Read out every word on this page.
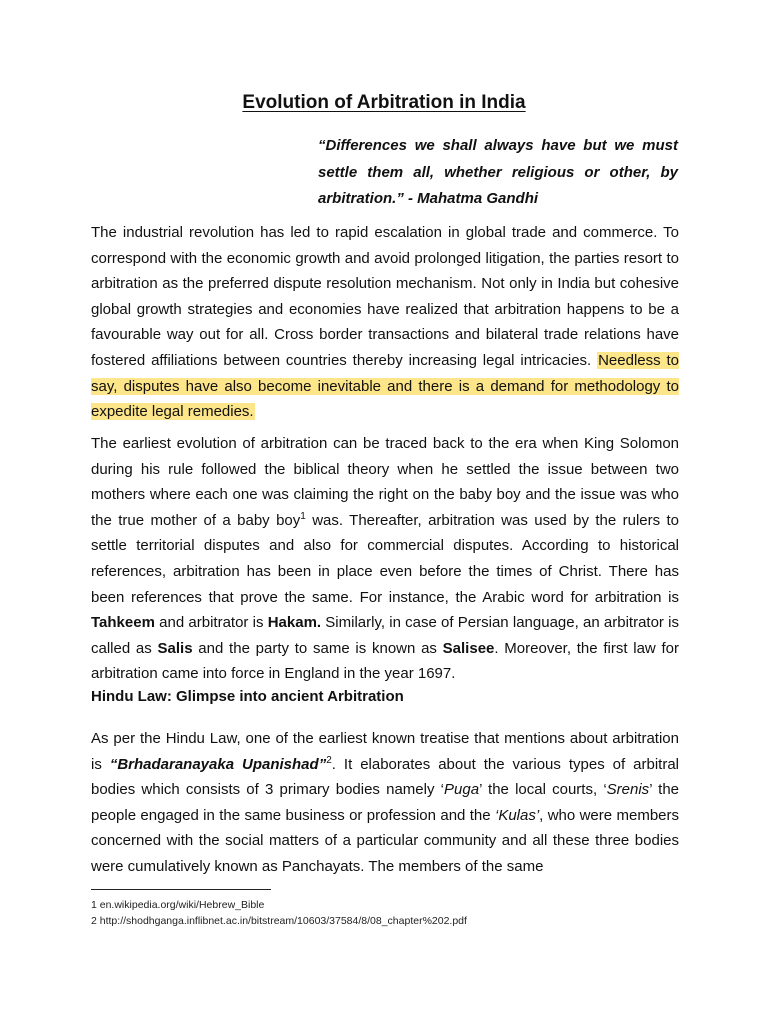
Evolution of Arbitration in India
“Differences we shall always have but we must settle them all, whether religious or other, by arbitration.” - Mahatma Gandhi

The industrial revolution has led to rapid escalation in global trade and commerce. To correspond with the economic growth and avoid prolonged litigation, the parties resort to arbitration as the preferred dispute resolution mechanism. Not only in India but cohesive global growth strategies and economies have realized that arbitration happens to be a favourable way out for all. Cross border transactions and bilateral trade relations have fostered affiliations between countries thereby increasing legal intricacies. Needless to say, disputes have also become inevitable and there is a demand for methodology to expedite legal remedies.

The earliest evolution of arbitration can be traced back to the era when King Solomon during his rule followed the biblical theory when he settled the issue between two mothers where each one was claiming the right on the baby boy and the issue was who the true mother of a baby boy$^1$ was. Thereafter, arbitration was used by the rulers to settle territorial disputes and also for commercial disputes. According to historical references, arbitration has been in place even before the times of Christ. There has been references that prove the same. For instance, the Arabic word for arbitration is Tahkeem and arbitrator is Hakam. Similarly, in case of Persian language, an arbitrator is called as Salis and the party to same is known as Salisee. Moreover, the first law for arbitration came into force in England in the year 1697.

Hindu Law: Glimpse into ancient Arbitration

As per the Hindu Law, one of the earliest known treatise that mentions about arbitration is “Brhadaranayaka Upanishad”$^2$. It elaborates about the various types of arbitral bodies which consists of 3 primary bodies namely ‘Puga’ the local courts, ‘Srenis’ the people engaged in the same business or profession and the ‘Kulas’, who were members concerned with the social matters of a particular community and all these three bodies were cumulatively known as Panchayats. The members of the same

1 en.wikipedia.org/wiki/Hebrew_Bible
2 http://shodhganga.inflibnet.ac.in/bitstream/10603/37584/8/08_chapter%202.pdf
